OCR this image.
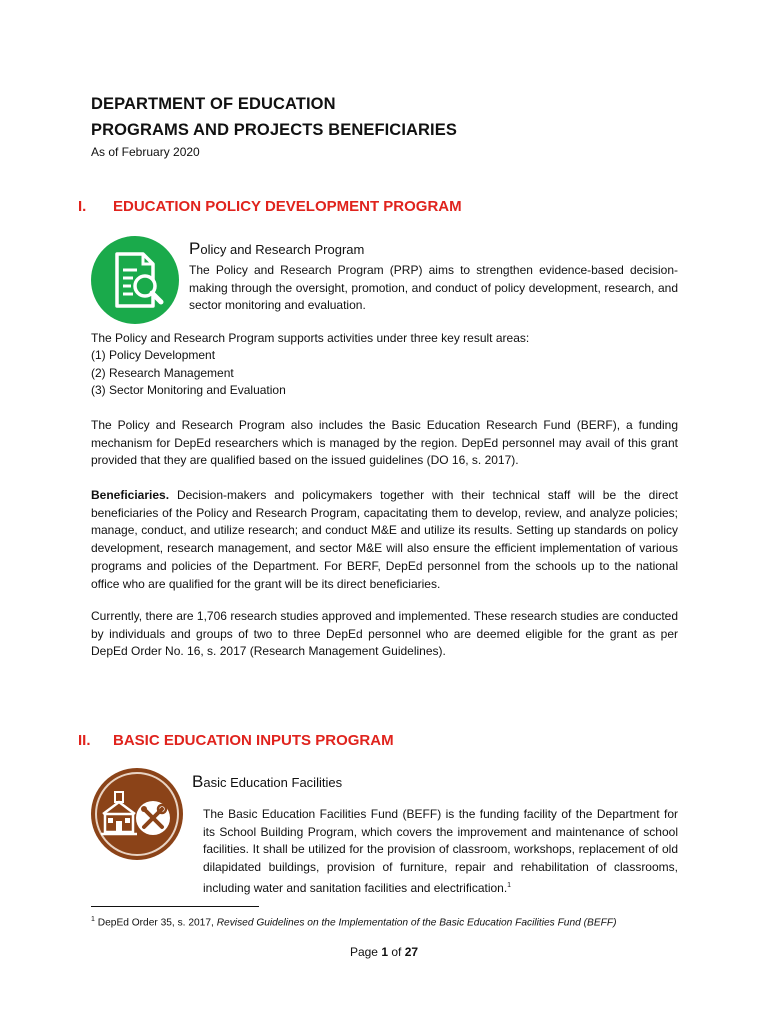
DEPARTMENT OF EDUCATION
PROGRAMS AND PROJECTS BENEFICIARIES
As of February 2020
I. EDUCATION POLICY DEVELOPMENT PROGRAM
Policy and Research Program
The Policy and Research Program (PRP) aims to strengthen evidence-based decision-making through the oversight, promotion, and conduct of policy development, research, and sector monitoring and evaluation.
The Policy and Research Program supports activities under three key result areas:
(1) Policy Development
(2) Research Management
(3) Sector Monitoring and Evaluation
The Policy and Research Program also includes the Basic Education Research Fund (BERF), a funding mechanism for DepEd researchers which is managed by the region. DepEd personnel may avail of this grant provided that they are qualified based on the issued guidelines (DO 16, s. 2017).
Beneficiaries. Decision-makers and policymakers together with their technical staff will be the direct beneficiaries of the Policy and Research Program, capacitating them to develop, review, and analyze policies; manage, conduct, and utilize research; and conduct M&E and utilize its results. Setting up standards on policy development, research management, and sector M&E will also ensure the efficient implementation of various programs and policies of the Department. For BERF, DepEd personnel from the schools up to the national office who are qualified for the grant will be its direct beneficiaries.
Currently, there are 1,706 research studies approved and implemented. These research studies are conducted by individuals and groups of two to three DepEd personnel who are deemed eligible for the grant as per DepEd Order No. 16, s. 2017 (Research Management Guidelines).
II. BASIC EDUCATION INPUTS PROGRAM
Basic Education Facilities
The Basic Education Facilities Fund (BEFF) is the funding facility of the Department for its School Building Program, which covers the improvement and maintenance of school facilities. It shall be utilized for the provision of classroom, workshops, replacement of old dilapidated buildings, provision of furniture, repair and rehabilitation of classrooms, including water and sanitation facilities and electrification.$^1$
$^1$ DepEd Order 35, s. 2017, Revised Guidelines on the Implementation of the Basic Education Facilities Fund (BEFF)
Page 1 of 27
